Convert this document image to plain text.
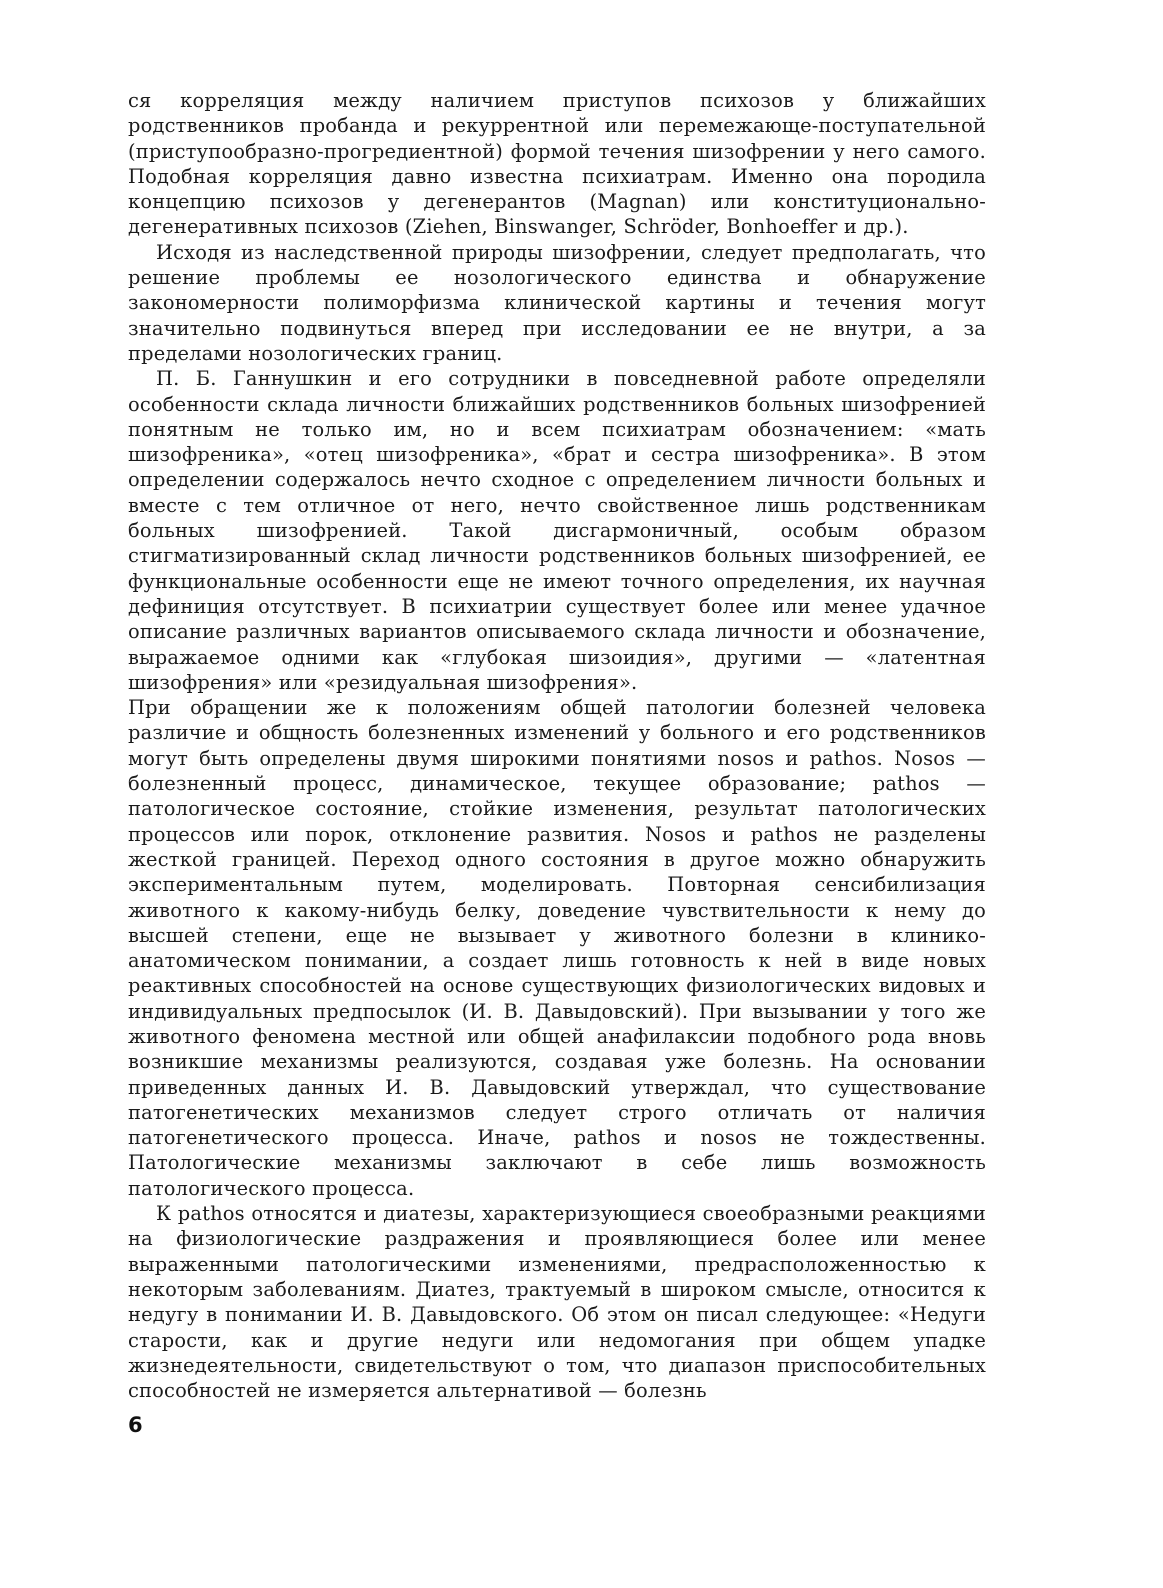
ся корреляция между наличием приступов психозов у ближайших родственников пробанда и рекуррентной или перемежающе-поступательной (приступообразно-прогредиентной) формой течения шизофрении у него самого. Подобная корреляция давно известна психиатрам. Именно она породила концепцию психозов у дегенерантов (Magnan) или конституционально-дегенеративных психозов (Ziehen, Binswanger, Schröder, Bonhoeffer и др.).

Исходя из наследственной природы шизофрении, следует предполагать, что решение проблемы ее нозологического единства и обнаружение закономерности полиморфизма клинической картины и течения могут значительно подвинуться вперед при исследовании ее не внутри, а за пределами нозологических границ.

П. Б. Ганнушкин и его сотрудники в повседневной работе определяли особенности склада личности ближайших родственников больных шизофренией понятным не только им, но и всем психиатрам обозначением: «мать шизофреника», «отец шизофреника», «брат и сестра шизофреника». В этом определении содержалось нечто сходное с определением личности больных и вместе с тем отличное от него, нечто свойственное лишь родственникам больных шизофренией. Такой дисгармоничный, особым образом стигматизированный склад личности родственников больных шизофренией, ее функциональные особенности еще не имеют точного определения, их научная дефиниция отсутствует. В психиатрии существует более или менее удачное описание различных вариантов описываемого склада личности и обозначение, выражаемое одними как «глубокая шизоидия», другими — «латентная шизофрения» или «резидуальная шизофрения».

При обращении же к положениям общей патологии болезней человека различие и общность болезненных изменений у больного и его родственников могут быть определены двумя широкими понятиями nosos и pathos. Nosos — болезненный процесс, динамическое, текущее образование; pathos — патологическое состояние, стойкие изменения, результат патологических процессов или порок, отклонение развития. Nosos и pathos не разделены жесткой границей. Переход одного состояния в другое можно обнаружить экспериментальным путем, моделировать. Повторная сенсибилизация животного к какому-нибудь белку, доведение чувствительности к нему до высшей степени, еще не вызывает у животного болезни в клинико-анатомическом понимании, а создает лишь готовность к ней в виде новых реактивных способностей на основе существующих физиологических видовых и индивидуальных предпосылок (И. В. Давыдовский). При вызывании у того же животного феномена местной или общей анафилаксии подобного рода вновь возникшие механизмы реализуются, создавая уже болезнь. На основании приведенных данных И. В. Давыдовский утверждал, что существование патогенетических механизмов следует строго отличать от наличия патогенетического процесса. Иначе, pathos и nosos не тождественны. Патологические механизмы заключают в себе лишь возможность патологического процесса.

К pathos относятся и диатезы, характеризующиеся своеобразными реакциями на физиологические раздражения и проявляющиеся более или менее выраженными патологическими изменениями, предрасположенностью к некоторым заболеваниям. Диатез, трактуемый в широком смысле, относится к недугу в понимании И. В. Давыдовского. Об этом он писал следующее: «Недуги старости, как и другие недуги или недомогания при общем упадке жизнедеятельности, свидетельствуют о том, что диапазон приспособительных способностей не измеряется альтернативой — болезнь

6
